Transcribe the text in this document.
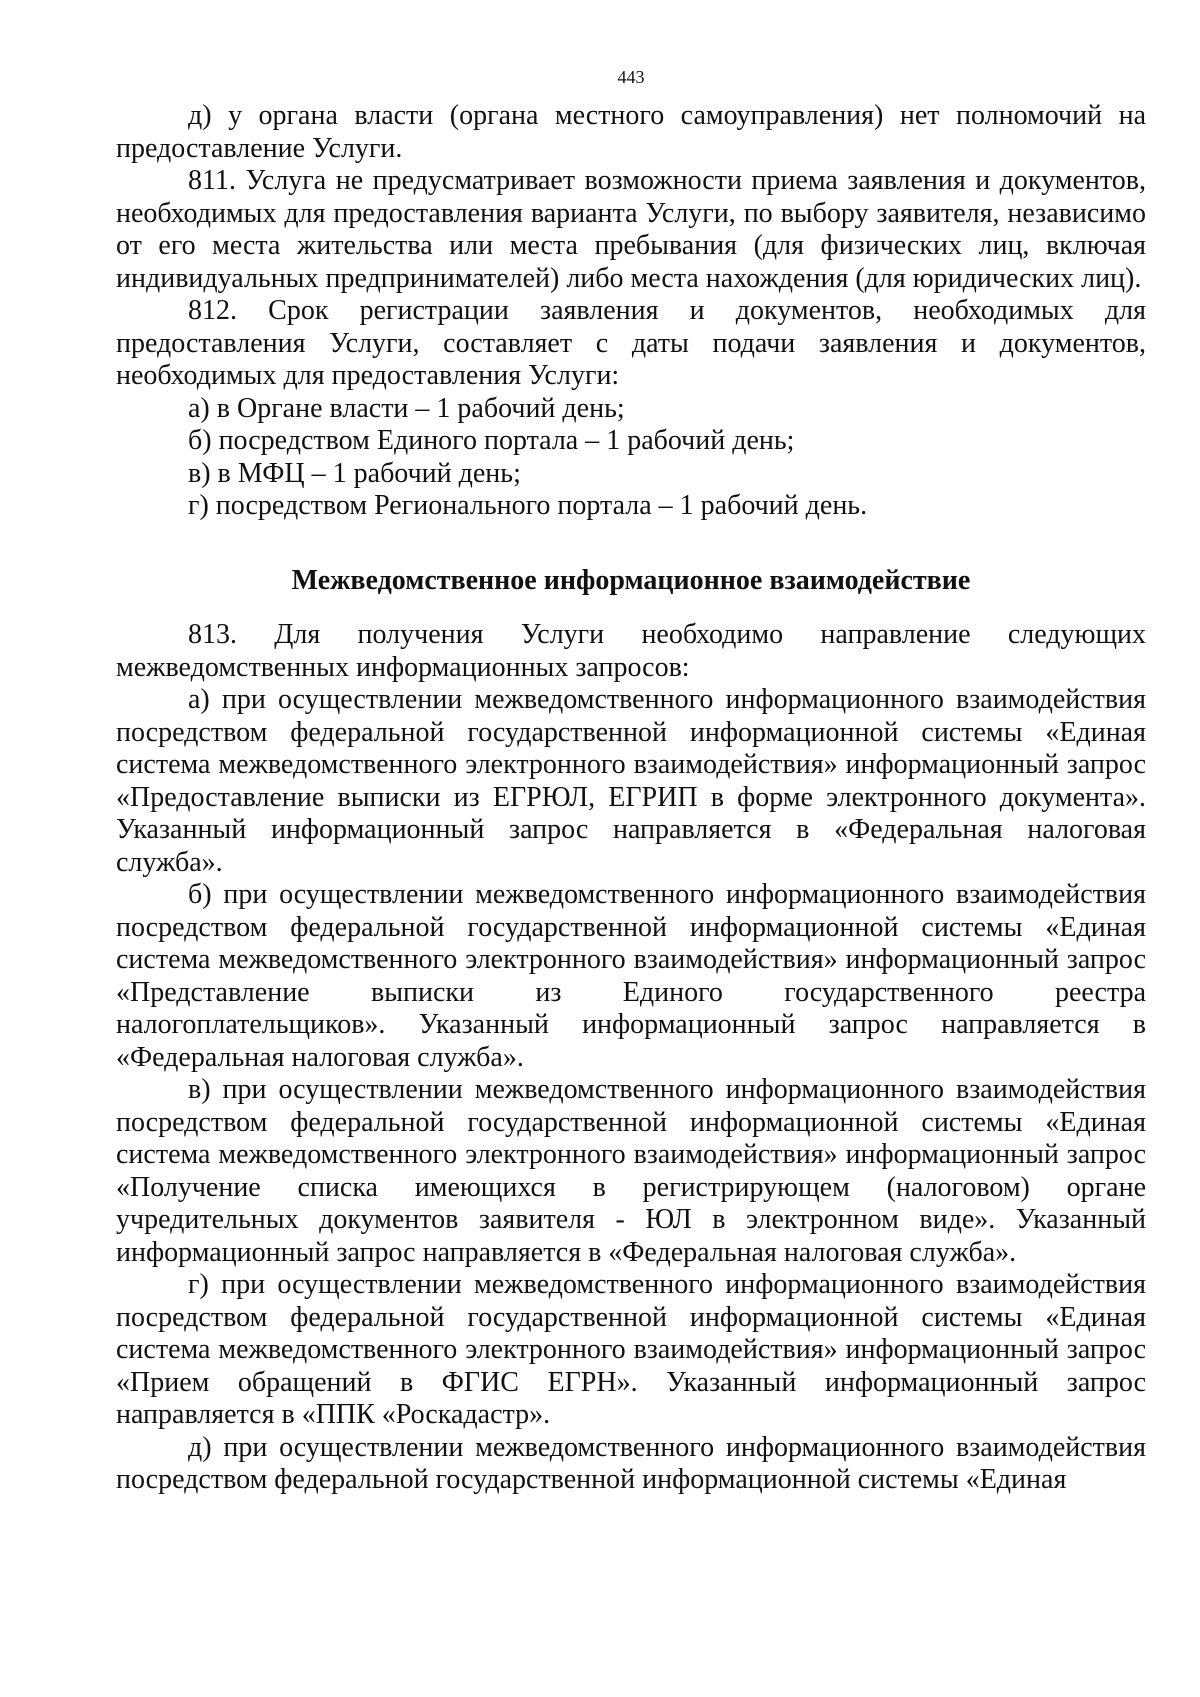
443

д) у органа власти (органа местного самоуправления) нет полномочий на предоставление Услуги.

811. Услуга не предусматривает возможности приема заявления и документов, необходимых для предоставления варианта Услуги, по выбору заявителя, независимо от его места жительства или места пребывания (для физических лиц, включая индивидуальных предпринимателей) либо места нахождения (для юридических лиц).

812. Срок регистрации заявления и документов, необходимых для предоставления Услуги, составляет с даты подачи заявления и документов, необходимых для предоставления Услуги:

а) в Органе власти – 1 рабочий день;

б) посредством Единого портала – 1 рабочий день;

в) в МФЦ – 1 рабочий день;

г) посредством Регионального портала – 1 рабочий день.

Межведомственное информационное взаимодействие

813. Для получения Услуги необходимо направление следующих межведомственных информационных запросов:

а) при осуществлении межведомственного информационного взаимодействия посредством федеральной государственной информационной системы «Единая система межведомственного электронного взаимодействия» информационный запрос «Предоставление выписки из ЕГРЮЛ, ЕГРИП в форме электронного документа». Указанный информационный запрос направляется в «Федеральная налоговая служба».

б) при осуществлении межведомственного информационного взаимодействия посредством федеральной государственной информационной системы «Единая система межведомственного электронного взаимодействия» информационный запрос «Представление выписки из Единого государственного реестра налогоплательщиков». Указанный информационный запрос направляется в «Федеральная налоговая служба».

в) при осуществлении межведомственного информационного взаимодействия посредством федеральной государственной информационной системы «Единая система межведомственного электронного взаимодействия» информационный запрос «Получение списка имеющихся в регистрирующем (налоговом) органе учредительных документов заявителя - ЮЛ в электронном виде». Указанный информационный запрос направляется в «Федеральная налоговая служба».

г) при осуществлении межведомственного информационного взаимодействия посредством федеральной государственной информационной системы «Единая система межведомственного электронного взаимодействия» информационный запрос «Прием обращений в ФГИС ЕГРН». Указанный информационный запрос направляется в «ППК «Роскадастр».

д) при осуществлении межведомственного информационного взаимодействия посредством федеральной государственной информационной системы «Единая
